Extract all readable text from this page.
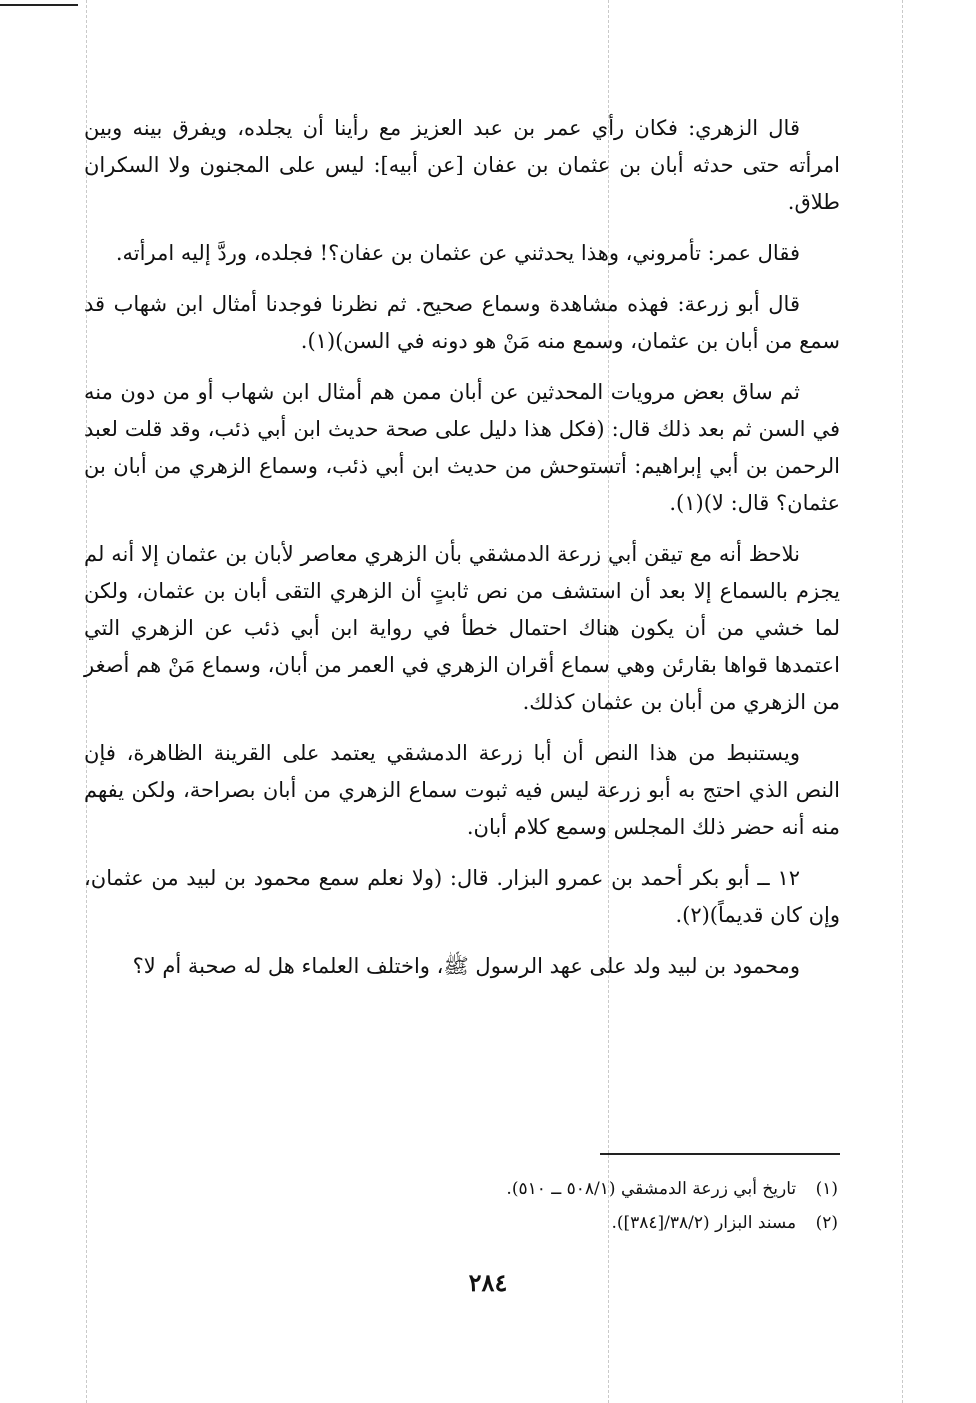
قال الزهري: فكان رأي عمر بن عبد العزيز مع رأينا أن يجلده، ويفرق بينه وبين امرأته حتى حدثه أبان بن عثمان بن عفان [عن أبيه]: ليس على المجنون ولا السكران طلاق.

فقال عمر: تأمروني، وهذا يحدثني عن عثمان بن عفان؟! فجلده، وردَّ إليه امرأته.

قال أبو زرعة: فهذه مشاهدة وسماع صحيح. ثم نظرنا فوجدنا أمثال ابن شهاب قد سمع من أبان بن عثمان، وسمع منه مَنْ هو دونه في السن)(١).

ثم ساق بعض مرويات المحدثين عن أبان ممن هم أمثال ابن شهاب أو من دون منه في السن ثم بعد ذلك قال: (فكل هذا دليل على صحة حديث ابن أبي ذئب، وقد قلت لعبد الرحمن بن أبي إبراهيم: أتستوحش من حديث ابن أبي ذئب، وسماع الزهري من أبان بن عثمان؟ قال: لا)(١).

نلاحظ أنه مع تيقن أبي زرعة الدمشقي بأن الزهري معاصر لأبان بن عثمان إلا أنه لم يجزم بالسماع إلا بعد أن استشف من نص ثابتٍ أن الزهري التقى أبان بن عثمان، ولكن لما خشي من أن يكون هناك احتمال خطأ في رواية ابن أبي ذئب عن الزهري التي اعتمدها قواها بقارئن وهي سماع أقران الزهري في العمر من أبان، وسماع مَنْ هم أصغر من الزهري من أبان بن عثمان كذلك.

ويستنبط من هذا النص أن أبا زرعة الدمشقي يعتمد على القرينة الظاهرة، فإن النص الذي احتج به أبو زرعة ليس فيه ثبوت سماع الزهري من أبان بصراحة، ولكن يفهم منه أنه حضر ذلك المجلس وسمع كلام أبان.

١٢ ــ أبو بكر أحمد بن عمرو البزار. قال: (ولا نعلم سمع محمود بن لبيد من عثمان، وإن كان قديماً)(٢).

ومحمود بن لبيد ولد على عهد الرسول ﷺ، واختلف العلماء هل له صحبة أم لا؟

(١) تاريخ أبي زرعة الدمشقي (٥٠٨/١ ــ ٥١٠).

(٢) مسند البزار (٣٨/٢/[٣٨٤]).

٢٨٤
